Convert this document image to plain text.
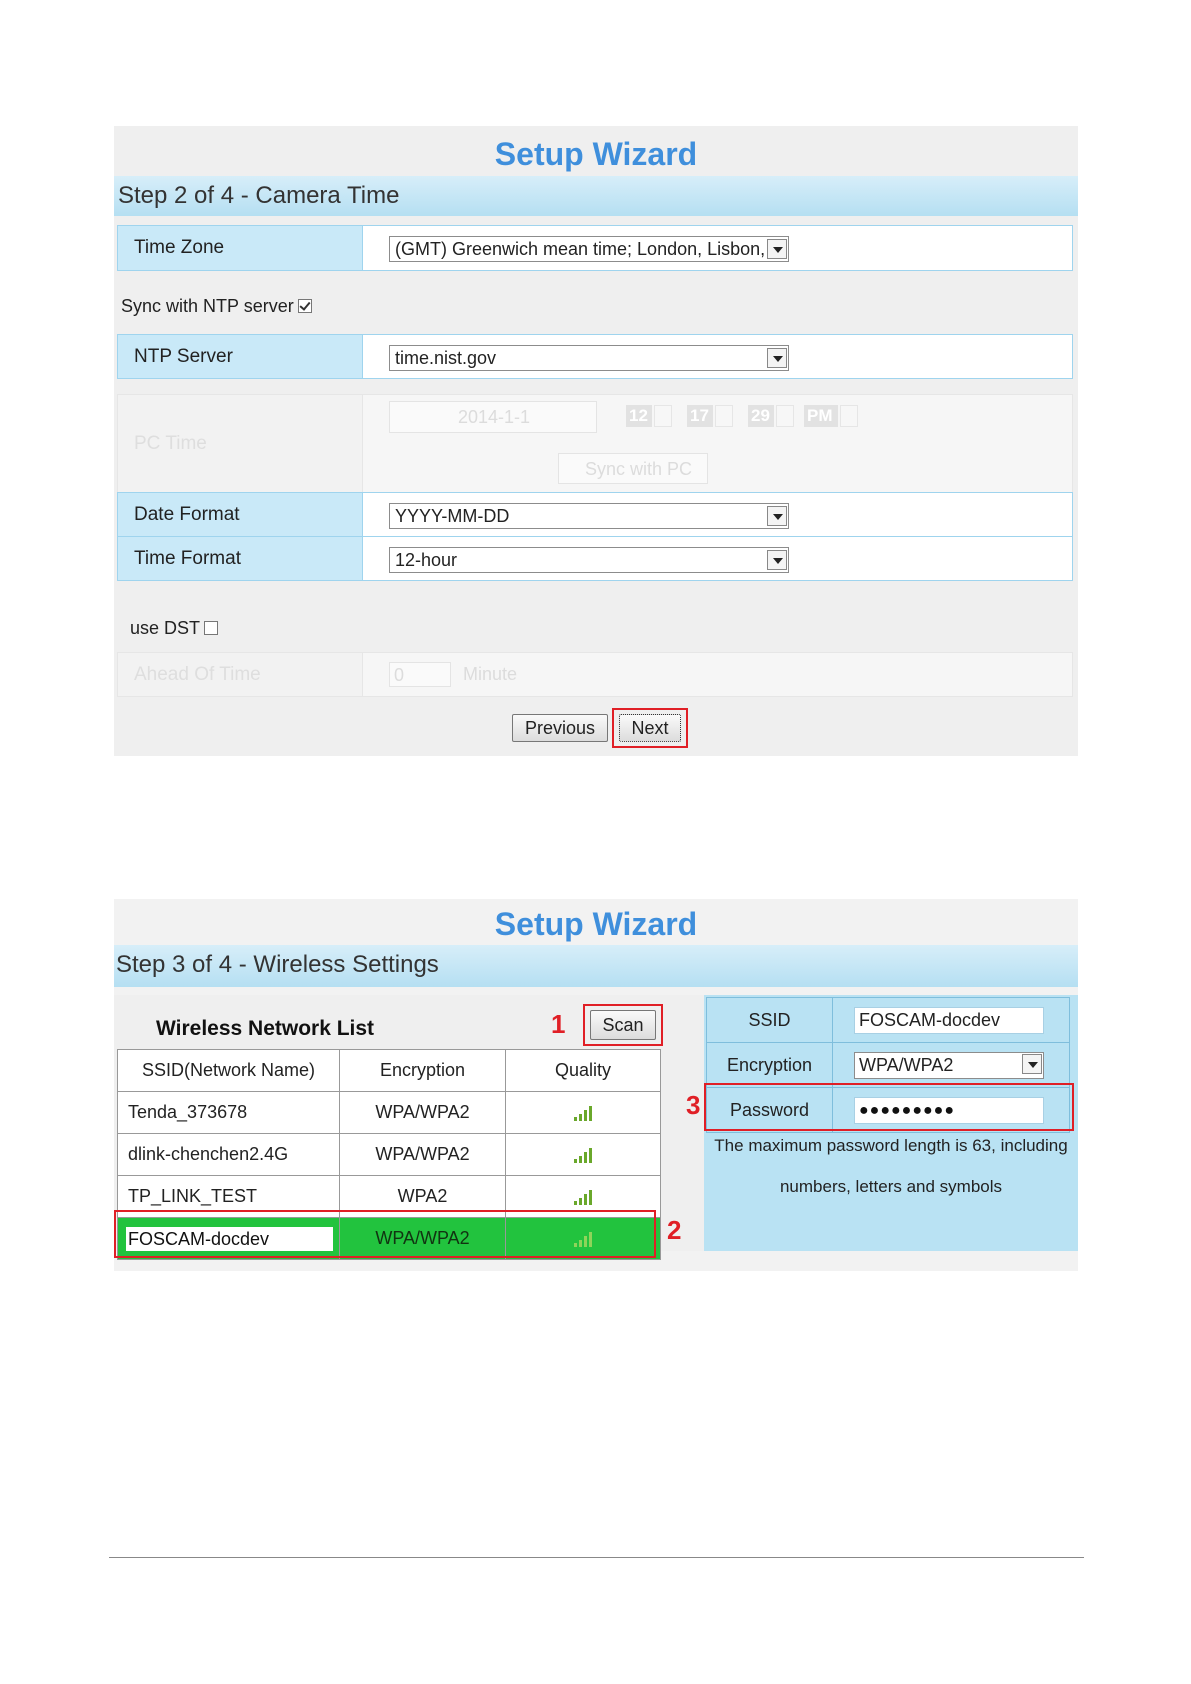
Setup Wizard
Step 2 of 4 - Camera Time
Time Zone	(GMT) Greenwich mean time; London, Lisbon,
Sync with NTP server
NTP Server	time.nist.gov
PC Time
2014-1-1	12 17 29 PM
Sync with PC
Date Format	YYYY-MM-DD
Time Format	12-hour
use DST
Ahead Of Time	0	Minute
Previous	Next
Setup Wizard
Step 3 of 4 - Wireless Settings
Wireless Network List	Scan
1
SSID(Network Name)	Encryption	Quality
Tenda_373678	WPA/WPA2	

dlink-chenchen2.4G	WPA/WPA2	

TP_LINK_TEST	WPA2	

FOSCAM-docdev	WPA/WPA2		2
3
SSID	FOSCAM-docdev
Encryption	WPA/WPA2

Password	●●●●●●●●●
The maximum password length is 63, including
numbers, letters and symbols
